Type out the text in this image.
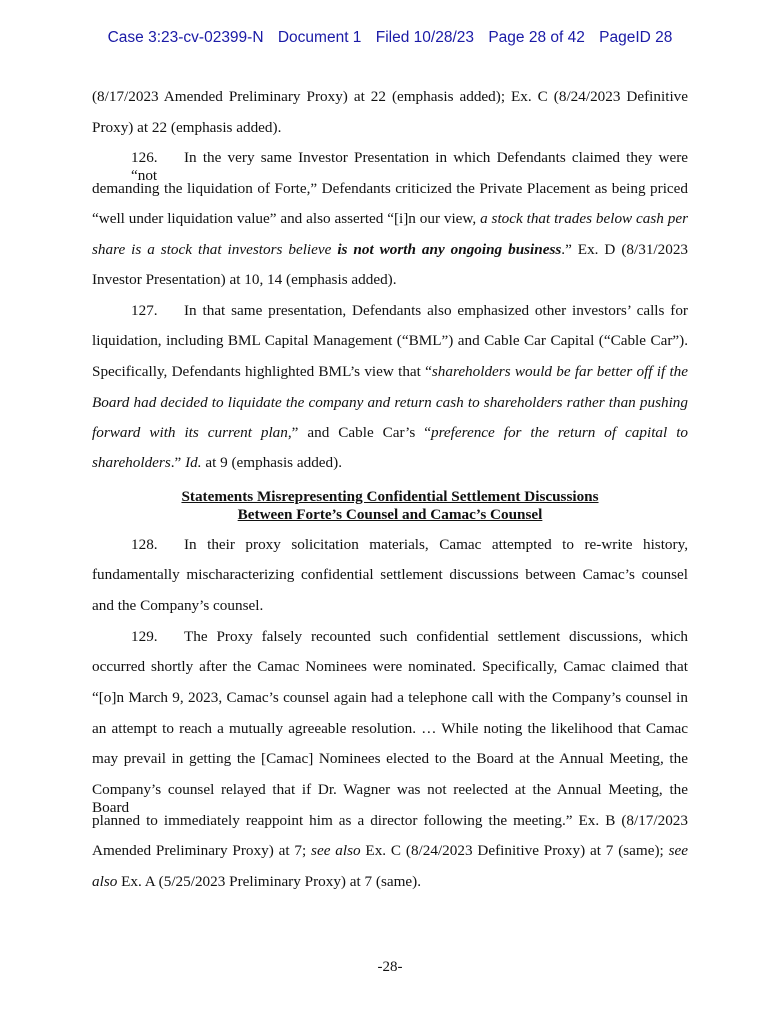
Case 3:23-cv-02399-N Document 1 Filed 10/28/23 Page 28 of 42 PageID 28
(8/17/2023 Amended Preliminary Proxy) at 22 (emphasis added); Ex. C (8/24/2023 Definitive
Proxy) at 22 (emphasis added).
126. In the very same Investor Presentation in which Defendants claimed they were “not
demanding the liquidation of Forte,” Defendants criticized the Private Placement as being priced
“well under liquidation value” and also asserted “[i]n our view, a stock that trades below cash per
share is a stock that investors believe is not worth any ongoing business.” Ex. D (8/31/2023
Investor Presentation) at 10, 14 (emphasis added).
127. In that same presentation, Defendants also emphasized other investors’ calls for
liquidation, including BML Capital Management (“BML”) and Cable Car Capital (“Cable Car”).
Specifically, Defendants highlighted BML’s view that “shareholders would be far better off if the
Board had decided to liquidate the company and return cash to shareholders rather than pushing
forward with its current plan,” and Cable Car’s “preference for the return of capital to
shareholders.” Id. at 9 (emphasis added).
Statements Misrepresenting Confidential Settlement Discussions
Between Forte’s Counsel and Camac’s Counsel
128. In their proxy solicitation materials, Camac attempted to re-write history,
fundamentally mischaracterizing confidential settlement discussions between Camac’s counsel
and the Company’s counsel.
129. The Proxy falsely recounted such confidential settlement discussions, which
occurred shortly after the Camac Nominees were nominated. Specifically, Camac claimed that
“[o]n March 9, 2023, Camac’s counsel again had a telephone call with the Company’s counsel in
an attempt to reach a mutually agreeable resolution. … While noting the likelihood that Camac
may prevail in getting the [Camac] Nominees elected to the Board at the Annual Meeting, the
Company’s counsel relayed that if Dr. Wagner was not reelected at the Annual Meeting, the Board
planned to immediately reappoint him as a director following the meeting.” Ex. B (8/17/2023
Amended Preliminary Proxy) at 7; see also Ex. C (8/24/2023 Definitive Proxy) at 7 (same); see
also Ex. A (5/25/2023 Preliminary Proxy) at 7 (same).
-28-
